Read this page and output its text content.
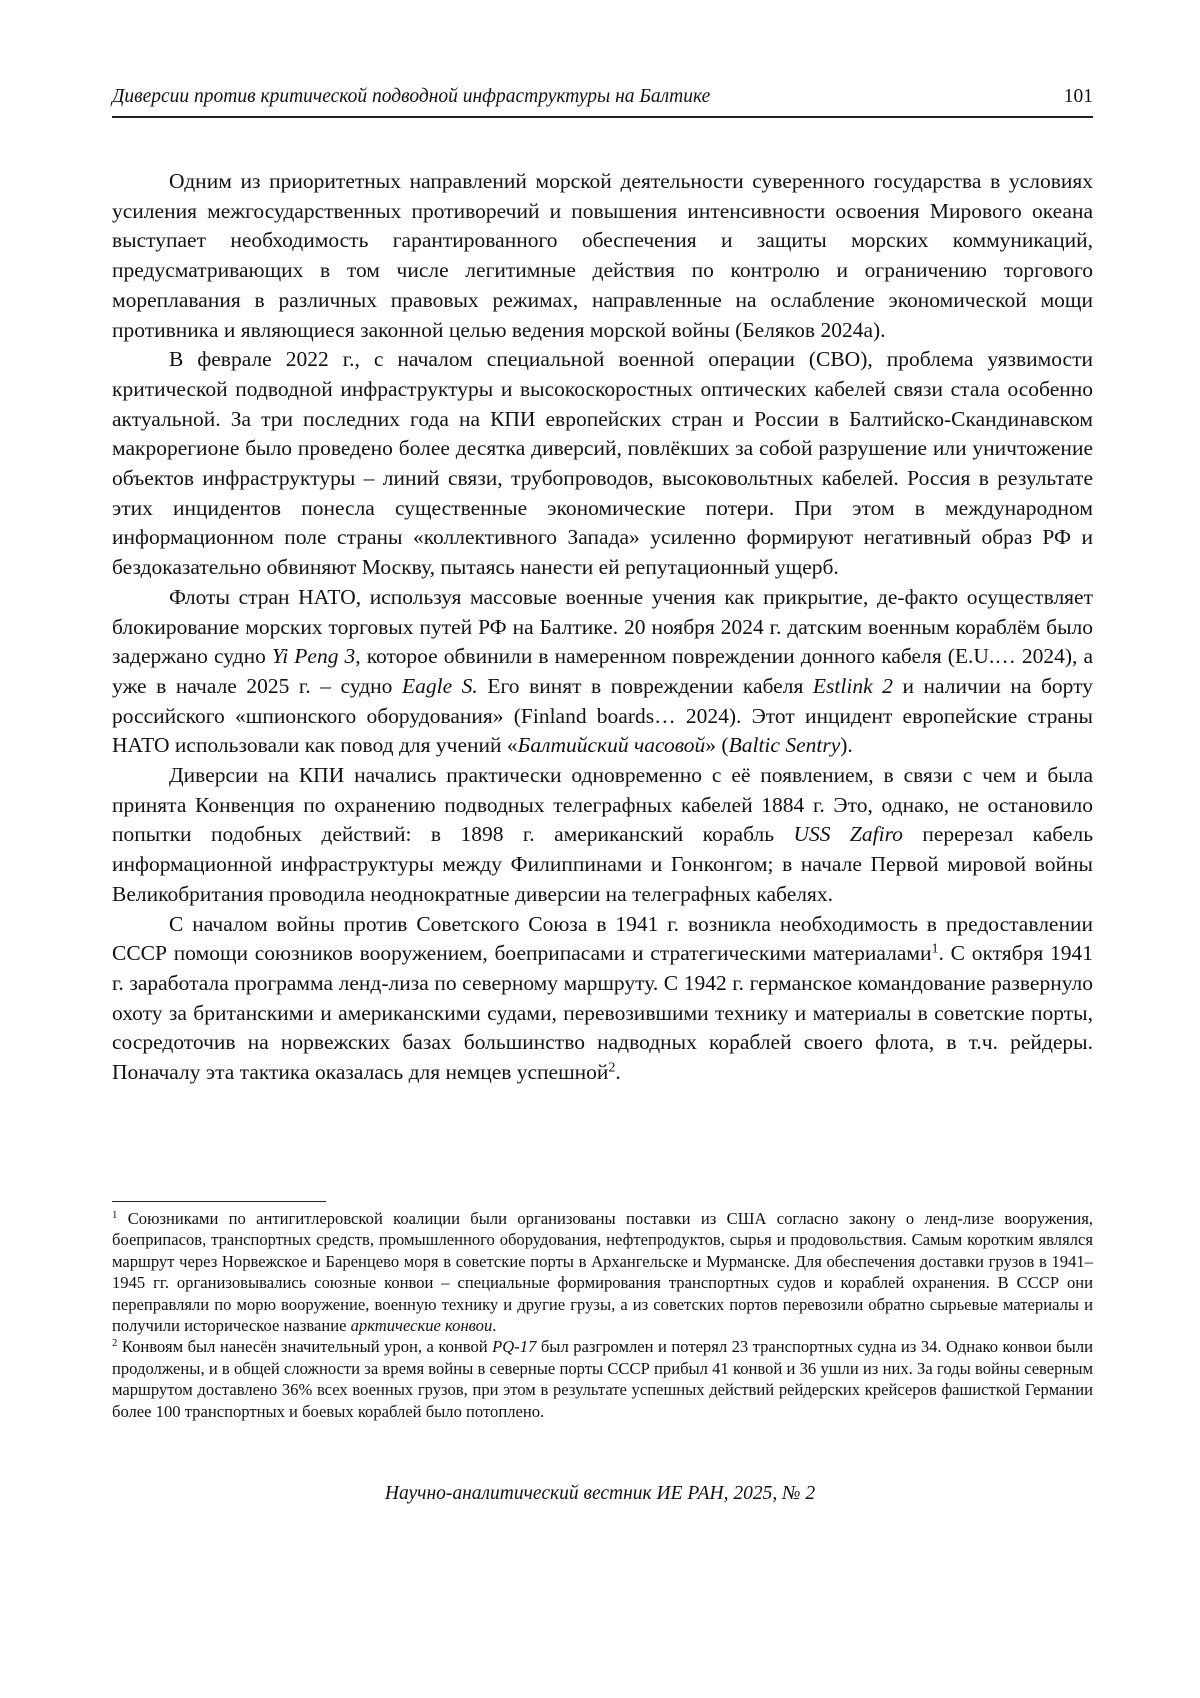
Диверсии против критической подводной инфраструктуры на Балтике	101

Одним из приоритетных направлений морской деятельности суверенного государства в условиях усиления межгосударственных противоречий и повышения интенсивности освоения Мирового океана выступает необходимость гарантированного обеспечения и защиты морских коммуникаций, предусматривающих в том числе легитимные действия по контролю и ограничению торгового мореплавания в различных правовых режимах, направленные на ослабление экономической мощи противника и являющиеся законной целью ведения морской войны (Беляков 2024a).

В феврале 2022 г., с началом специальной военной операции (СВО), проблема уязвимости критической подводной инфраструктуры и высокоскоростных оптических кабелей связи стала особенно актуальной. За три последних года на КПИ европейских стран и России в Балтийско-Скандинавском макрорегионе было проведено более десятка диверсий, повлёкших за собой разрушение или уничтожение объектов инфраструктуры – линий связи, трубопроводов, высоковольтных кабелей. Россия в результате этих инцидентов понесла существенные экономические потери. При этом в международном информационном поле страны «коллективного Запада» усиленно формируют негативный образ РФ и бездоказательно обвиняют Москву, пытаясь нанести ей репутационный ущерб.

Флоты стран НАТО, используя массовые военные учения как прикрытие, де-факто осуществляет блокирование морских торговых путей РФ на Балтике. 20 ноября 2024 г. датским военным кораблём было задержано судно Yi Peng 3, которое обвинили в намеренном повреждении донного кабеля (E.U.… 2024), а уже в начале 2025 г. – судно Eagle S. Его винят в повреждении кабеля Estlink 2 и наличии на борту российского «шпионского оборудования» (Finland boards… 2024). Этот инцидент европейские страны НАТО использовали как повод для учений «Балтийский часовой» (Baltic Sentry).

Диверсии на КПИ начались практически одновременно с её появлением, в связи с чем и была принята Конвенция по охранению подводных телеграфных кабелей 1884 г. Это, однако, не остановило попытки подобных действий: в 1898 г. американский корабль USS Zafiro перерезал кабель информационной инфраструктуры между Филиппинами и Гонконгом; в начале Первой мировой войны Великобритания проводила неоднократные диверсии на телеграфных кабелях.

С началом войны против Советского Союза в 1941 г. возникла необходимость в предоставлении СССР помощи союзников вооружением, боеприпасами и стратегическими материалами$^1$. С октября 1941 г. заработала программа ленд-лиза по северному маршруту. С 1942 г. германское командование развернуло охоту за британскими и американскими судами, перевозившими технику и материалы в советские порты, сосредоточив на норвежских базах большинство надводных кораблей своего флота, в т.ч. рейдеры. Поначалу эта тактика оказалась для немцев успешной$^2$.

$^1$ Союзниками по антигитлеровской коалиции были организованы поставки из США согласно закону о ленд-лизе вооружения, боеприпасов, транспортных средств, промышленного оборудования, нефтепродуктов, сырья и продовольствия. Самым коротким являлся маршрут через Норвежское и Баренцево моря в советские порты в Архангельске и Мурманске. Для обеспечения доставки грузов в 1941–1945 гг. организовывались союзные конвои – специальные формирования транспортных судов и кораблей охранения. В СССР они переправляли по морю вооружение, военную технику и другие грузы, а из советских портов перевозили обратно сырьевые материалы и получили историческое название арктические конвои.

$^2$ Конвоям был нанесён значительный урон, а конвой PQ-17 был разгромлен и потерял 23 транспортных судна из 34. Однако конвои были продолжены, и в общей сложности за время войны в северные порты СССР прибыл 41 конвой и 36 ушли из них. За годы войны северным маршрутом доставлено 36% всех военных грузов, при этом в результате успешных действий рейдерских крейсеров фашисткой Германии более 100 транспортных и боевых кораблей было потоплено.

Научно-аналитический вестник ИЕ РАН, 2025, № 2
